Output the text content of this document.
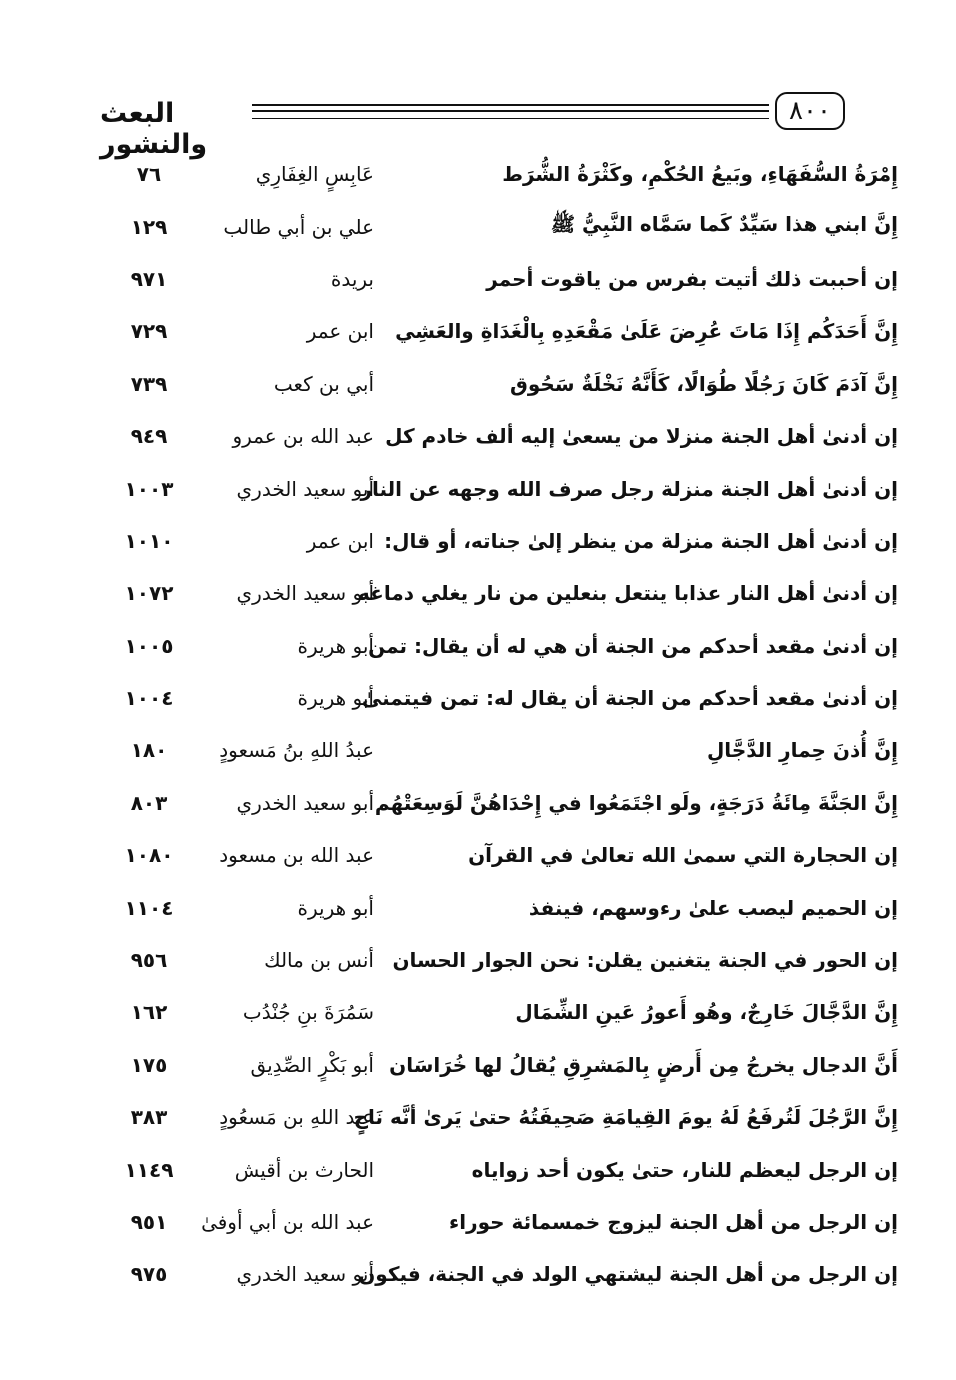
البعث والنشور
٨٠٠
إِمْرَةُ السُّفَهَاءِ، وبَيعُ الحُكْمِ، وكَثْرَةُ الشُّرَط
عَابِسٍ الغِفَارِي
٧٦
إِنَّ ابني هذا سَيِّدٌ كَما سَمَّاه النَّبِيُّ ﷺ
علي بن أبي طالب
١٢٩
إن أحببت ذلك أتيت بفرس من ياقوت أحمر
بريدة
٩٧١
إِنَّ أَحَدَكُم إِذَا مَاتَ عُرِضَ عَلَىٰ مَقْعَدِهِ بِالْغَدَاةِ والعَشِي
ابن عمر
٧٢٩
إِنَّ آدَمَ كَانَ رَجُلًا طُوَالًا، كَأَنَّهُ نَخْلَةٌ سَحُوق
أبي بن كعب
٧٣٩
إن أدنىٰ أهل الجنة منزلا من يسعىٰ إليه ألف خادم كل
عبد الله بن عمرو
٩٤٩
إن أدنىٰ أهل الجنة منزلة رجل صرف الله وجهه عن النار
أبو سعيد الخدري
١٠٠٣
إن أدنىٰ أهل الجنة منزلة من ينظر إلىٰ جناته، أو قال:
ابن عمر
١٠١٠
إن أدنىٰ أهل النار عذابا ينتعل بنعلين من نار يغلي دماغه
أبو سعيد الخدري
١٠٧٢
إن أدنىٰ مقعد أحدكم من الجنة أن هي له أن يقال: تمن
أبو هريرة
١٠٠٥
إن أدنىٰ مقعد أحدكم من الجنة أن يقال له: تمن فيتمنىٰ
أبو هريرة
١٠٠٤
إِنَّ أُذنَ حِمارِ الدَّجَّالِ
عبدُ اللهِ بنُ مَسعودٍ
١٨٠
إِنَّ الجَنَّةَ مِائَةُ دَرَجَةٍ، ولَو اجْتَمَعُوا في إِحْدَاهُنَّ لَوَسِعَتْهُم
أبو سعيد الخدري
٨٠٣
إن الحجارة التي سمىٰ الله تعالىٰ في القرآن
عبد الله بن مسعود
١٠٨٠
إن الحميم ليصب علىٰ رءوسهم، فينفذ
أبو هريرة
١١٠٤
إن الحور في الجنة يتغنين يقلن: نحن الجوار الحسان
أنس بن مالك
٩٥٦
إِنَّ الدَّجَّالَ خَارِجٌ، وهُو أَعورُ عَينِ الشِّمَال
سَمُرَةَ بنِ جُنْدُب
١٦٢
أَنَّ الدجال يخرجُ مِن أَرضٍ بِالمَشرِقِ يُقالُ لها خُرَاسَان
أبو بَكْرٍ الصِّدِيق
١٧٥
إِنَّ الرَّجُلَ لَتُرفَعُ لَهُ يومَ القِيامَةِ صَحِيفَتُهُ حتىٰ يَرىٰ أنَّه نَاجٍ
عبد اللهِ بن مَسعُودٍ
٣٨٣
إن الرجل ليعظم للنار، حتىٰ يكون أحد زواياه
الحارث بن أقيش
١١٤٩
إن الرجل من أهل الجنة ليزوج خمسمائة حوراء
عبد الله بن أبي أوفىٰ
٩٥١
إن الرجل من أهل الجنة ليشتهي الولد في الجنة، فيكون
أبو سعيد الخدري
٩٧٥
